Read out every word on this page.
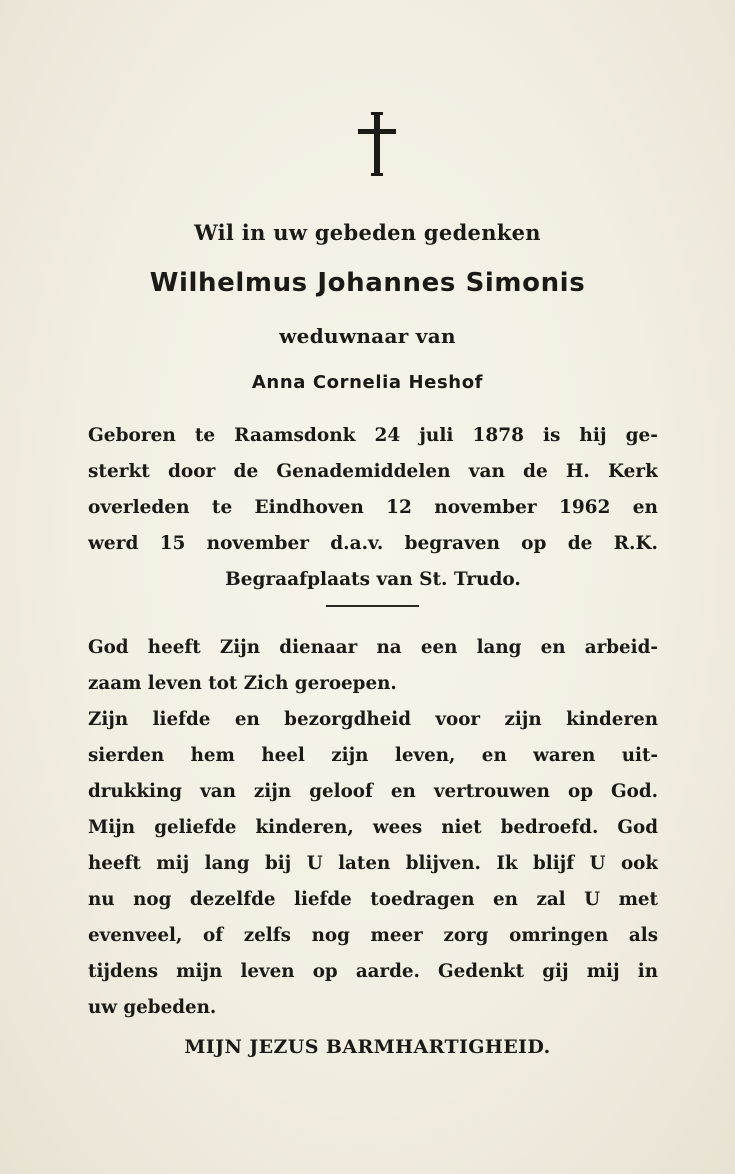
Wil in uw gebeden gedenken
Wilhelmus Johannes Simonis
weduwnaar van
Anna Cornelia Heshof
Geboren te Raamsdonk 24 juli 1878 is hij ge-
sterkt door de Genademiddelen van de H. Kerk
overleden te Eindhoven 12 november 1962 en
werd 15 november d.a.v. begraven op de R.K.
Begraafplaats van St. Trudo.
God heeft Zijn dienaar na een lang en arbeid-
zaam leven tot Zich geroepen.
Zijn liefde en bezorgdheid voor zijn kinderen
sierden hem heel zijn leven, en waren uit-
drukking van zijn geloof en vertrouwen op God.
Mijn geliefde kinderen, wees niet bedroefd. God
heeft mij lang bij U laten blijven. Ik blijf U ook
nu nog dezelfde liefde toedragen en zal U met
evenveel, of zelfs nog meer zorg omringen als
tijdens mijn leven op aarde. Gedenkt gij mij in
uw gebeden.
MIJN JEZUS BARMHARTIGHEID.
